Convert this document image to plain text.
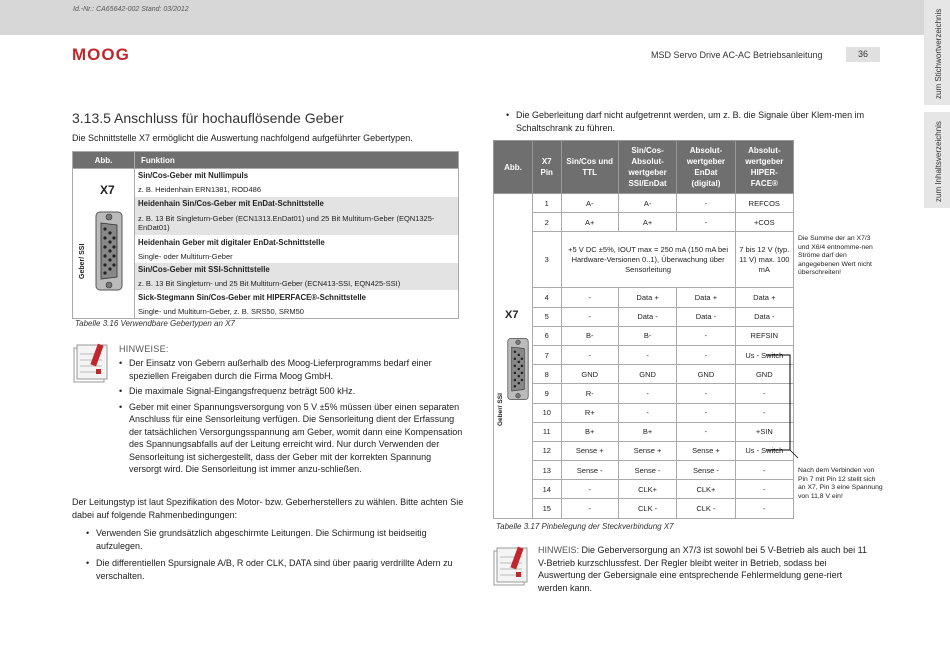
Id.-Nr.: CA65642-002 Stand: 03/2012
MOOG	MSD Servo Drive AC-AC Betriebsanleitung	36	zum Stichwortverzeichnis
zum Inhaltsverzeichnis
3.13.5 Anschluss für hochauflösende Geber
Die Schnittstelle X7 ermöglicht die Auswertung nachfolgend aufgeführter Gebertypen.
Abb.	Funktion

X7
Geber/ SSI	Sin/Cos-Geber mit Nullimpuls
	z. B. Heidenhain ERN1381, ROD486
	Heidenhain Sin/Cos-Geber mit EnDat-Schnittstelle
	z. B. 13 Bit Singleturn-Geber (ECN1313.EnDat01) und 25 Bit Multiturn-Geber (EQN1325-EnDat01)
	Heidenhain Geber mit digitaler EnDat-Schnittstelle
	Single- oder Multiturn-Geber
	Sin/Cos-Geber mit SSI-Schnittstelle
	z. B. 13 Bit Singleturn- und 25 Bit Multiturn-Geber (ECN413-SSI, EQN425-SSI)
	Sick-Stegmann Sin/Cos-Geber mit HIPERFACE®-Schnittstelle
	Single- und Multiturn-Geber, z. B. SRS50, SRM50
Tabelle 3.16 Verwendbare Gebertypen an X7
HINWEISE:
• Der Einsatz von Gebern außerhalb des Moog-Lieferprogramms bedarf einer speziellen Freigaben durch die Firma Moog GmbH.
• Die maximale Signal-Eingangsfrequenz beträgt 500 kHz.
• Geber mit einer Spannungsversorgung von 5 V ±5% müssen über einen separaten Anschluss für eine Sensorleitung verfügen. Die Sensorleitung dient der Erfassung der tatsächlichen Versorgungsspannung am Geber, womit dann eine Kompensation des Spannungsabfalls auf der Leitung erreicht wird. Nur durch Verwenden der Sensorleitung ist sichergestellt, dass der Geber mit der korrekten Spannung versorgt wird. Die Sensorleitung ist immer anzu-schließen.
Der Leitungstyp ist laut Spezifikation des Motor- bzw. Geberherstellers zu wählen. Bitte achten Sie dabei auf folgende Rahmenbedingungen:
• Verwenden Sie grundsätzlich abgeschirmte Leitungen. Die Schirmung ist beidseitig aufzulegen.
• Die differentiellen Spursignale A/B, R oder CLK, DATA sind über paarig verdrillte Adern zu verschalten.
• Die Geberleitung darf nicht aufgetrennt werden, um z. B. die Signale über Klem-men im Schaltschrank zu führen.
Abb.	X7 Pin	Sin/Cos und TTL	Sin/Cos-Absolut-wertgeber SSI/EnDat	Absolut-wertgeber EnDat (digital)	Absolut-wertgeber HIPER-FACE®

X7
Geber/ SSI	1	A-	A-	-	REFCOS
	2	A+	A+	-	+COS
	3	+5 V DC ±5%, IOUT max = 250 mA (150 mA bei Hardware-Versionen 0..1), Überwachung über Sensorleitung			7 bis 12 V (typ. 11 V) max. 100 mA
	4	-	Data +	Data +	Data +
	5	-	Data -	Data -	Data -
	6	B-	B-	-	REFSIN
	7	-	-	-	Us - Switch
	8	GND	GND	GND	GND
	9	R-	-	-	-
	10	R+	-	-	-
	11	B+	B+	-	+SIN
	12	Sense +	Sense +	Sense +	Us - Switch
	13	Sense -	Sense -	Sense -	-
	14	-	CLK+	CLK+	-
	15	-	CLK -	CLK -	-
Tabelle 3.17 Pinbelegung der Steckverbindung X7
Die Summe der an X7/3 und X6/4 entnomme-nen Ströme darf den angegebenen Wert nicht überschreiten!
Nach dem Verbinden von Pin 7 mit Pin 12 stellt sich an X7, Pin 3 eine Spannung von 11,8 V ein!
HINWEIS: Die Geberversorgung an X7/3 ist sowohl bei 5 V-Betrieb als auch bei 11 V-Betrieb kurzschlussfest. Der Regler bleibt weiter in Betrieb, sodass bei Auswertung der Gebersignale eine entsprechende Fehlermeldung gene-riert werden kann.
